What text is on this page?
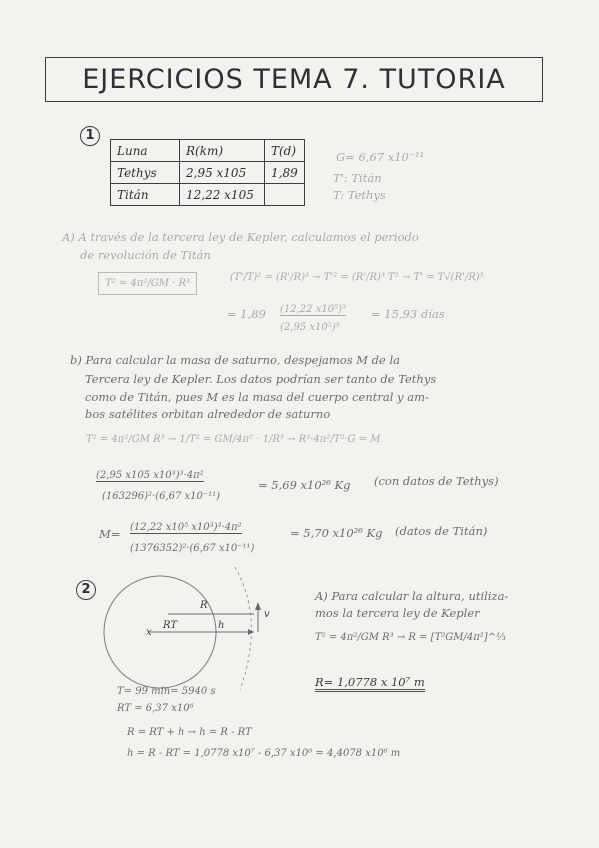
EJERCICIOS TEMA 7. TUTORIA
1
Luna	R(km)	T(d)
Tethys	2,95 x105	1,89
Titán	12,22 x105	
G= 6,67 x10⁻¹¹
T': Titán
T: Tethys
A) A través de la tercera ley de Kepler, calculamos el periodo
de revolución de Titán
T² = 4π²/GM · R³
(T'/T)² = (R'/R)³ → T'² = (R'/R)³ T² → T' = T√(R'/R)³
= 1,89 (12,22 x10⁵)³
(2,95 x10⁵)³
= 15,93 días
b) Para calcular la masa de saturno, despejamos M de la
Tercera ley de Kepler. Los datos podrían ser tanto de Tethys
como de Titán, pues M es la masa del cuerpo central y am-
bos satélites orbitan alrededor de saturno
T² = 4π²/GM R³ → 1/T² = GM/4π² · 1/R³ → R³·4π²/T²·G = M
(2,95 x105 x10³)³·4π²
(163296)²·(6,67 x10⁻¹¹)
= 5,69 x10²⁶ Kg (con datos de Tethys)
M= (12,22 x10⁵ x10³)³·4π²
(1376352)²·(6,67 x10⁻¹¹)
= 5,70 x10²⁶ Kg (datos de Titán)
2
R
RT	h
x
v
T= 99 min= 5940 s
RT = 6,37 x10⁶
A) Para calcular la altura, utiliza-
mos la tercera ley de Kepler
T² = 4π²/GM R³ → R = [T²GM/4π²]^⅓
R= 1,0778 x 10⁷ m
R = RT + h → h = R - RT
h = R - RT = 1,0778 x10⁷ - 6,37 x10⁶ = 4,4078 x10⁶ m
